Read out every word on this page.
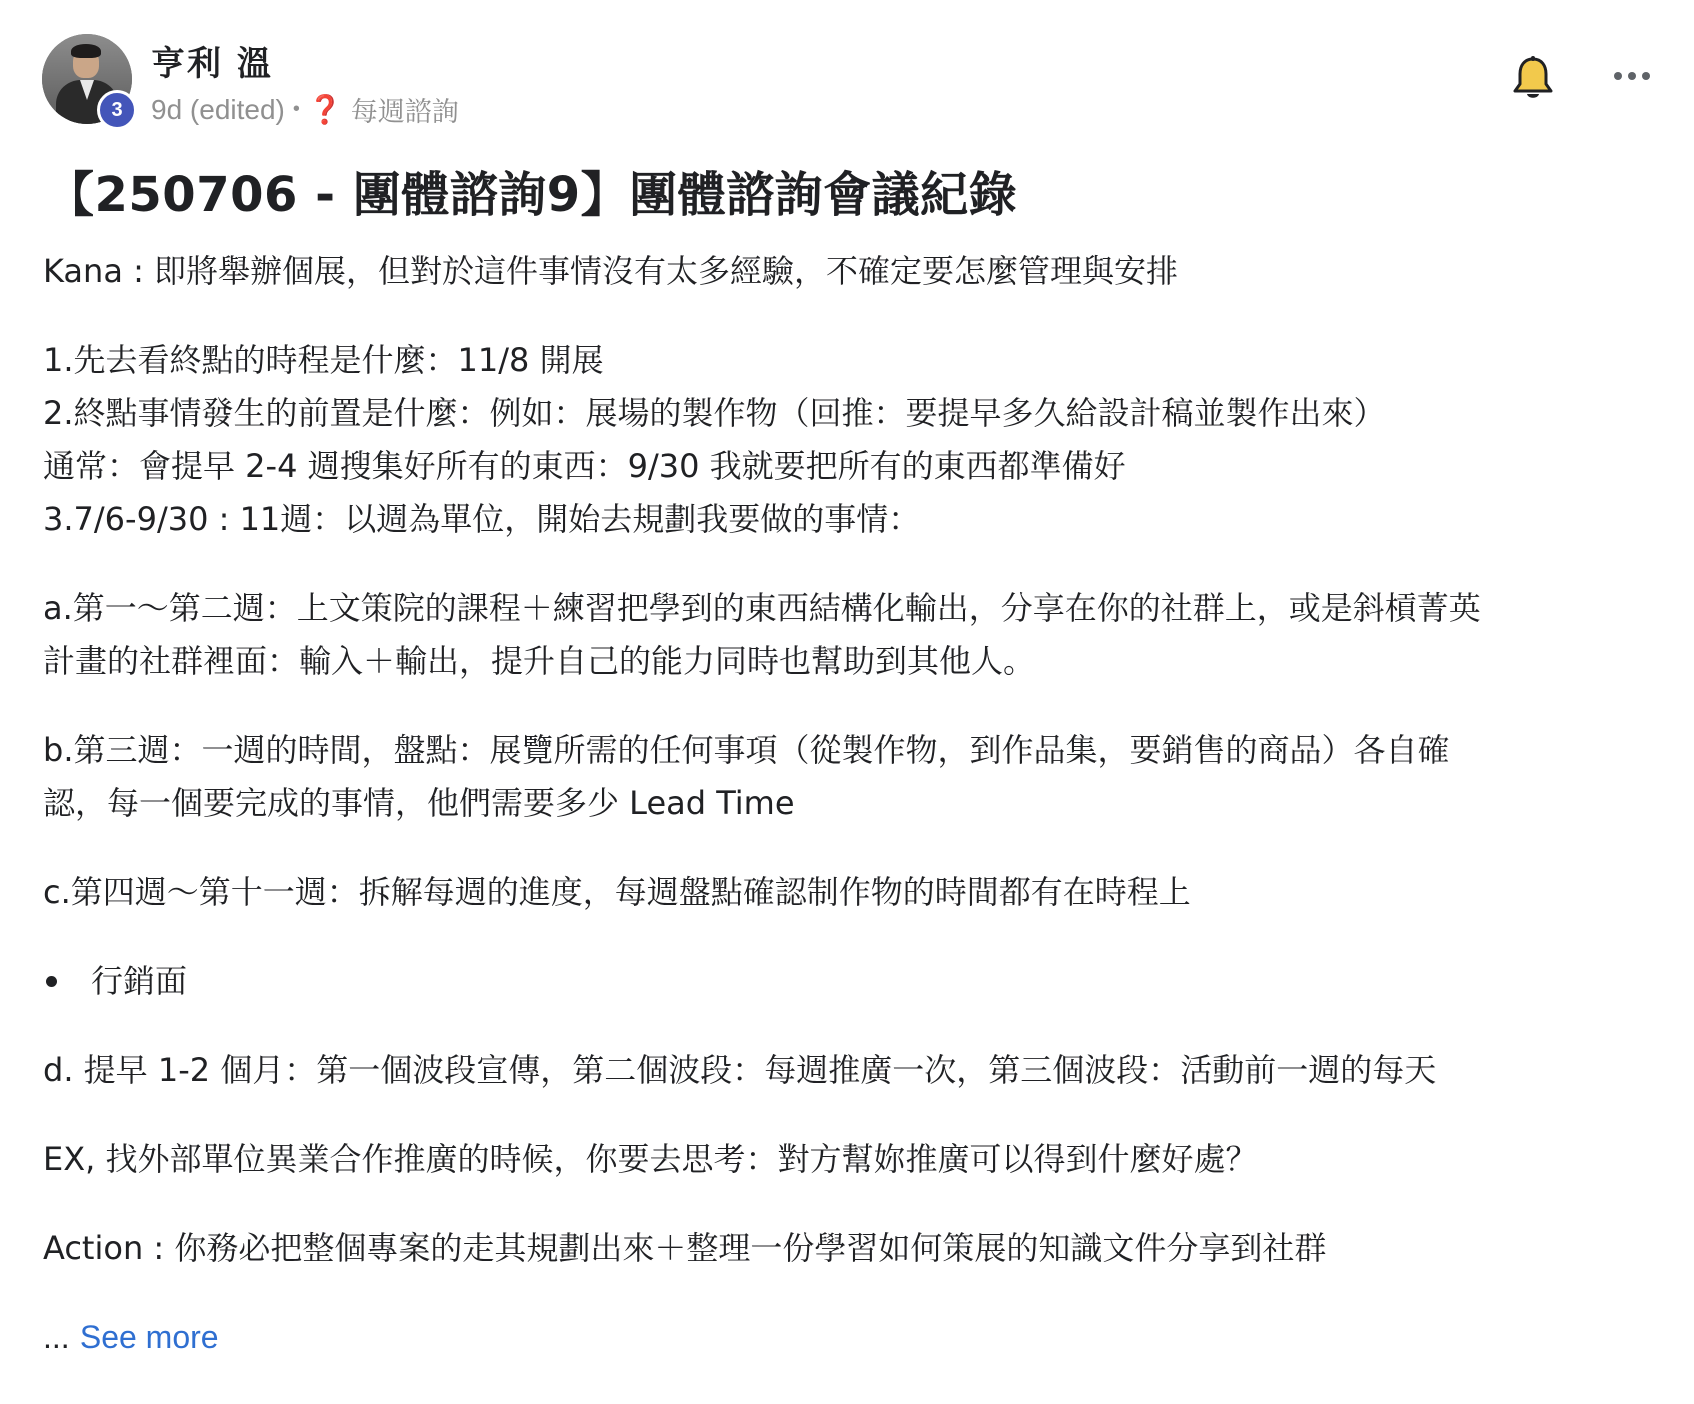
3
亨利 溫
9d (edited) • ❓ 每週諮詢
【250706 - 團體諮詢9】團體諮詢會議紀錄

Kana : 即將舉辦個展，但對於這件事情沒有太多經驗，不確定要怎麼管理與安排

1.先去看終點的時程是什麼：11/8 開展

2.終點事情發生的前置是什麼：例如：展場的製作物（回推：要提早多久給設計稿並製作出來）

通常：會提早 2-4 週搜集好所有的東西：9/30 我就要把所有的東西都準備好

3.7/6-9/30 : 11週：以週為單位，開始去規劃我要做的事情：

a.第一～第二週：上文策院的課程＋練習把學到的東西結構化輸出，分享在你的社群上，或是斜槓菁英

計畫的社群裡面：輸入＋輸出，提升自己的能力同時也幫助到其他人。

b.第三週：一週的時間，盤點：展覽所需的任何事項（從製作物，到作品集，要銷售的商品）各自確

認，每一個要完成的事情，他們需要多少 Lead Time

c.第四週～第十一週：拆解每週的進度，每週盤點確認制作物的時間都有在時程上

行銷面

d. 提早 1-2 個月：第一個波段宣傳，第二個波段：每週推廣一次，第三個波段：活動前一週的每天

EX, 找外部單位異業合作推廣的時候，你要去思考：對方幫妳推廣可以得到什麼好處？

Action : 你務必把整個專案的走其規劃出來＋整理一份學習如何策展的知識文件分享到社群

... See more
